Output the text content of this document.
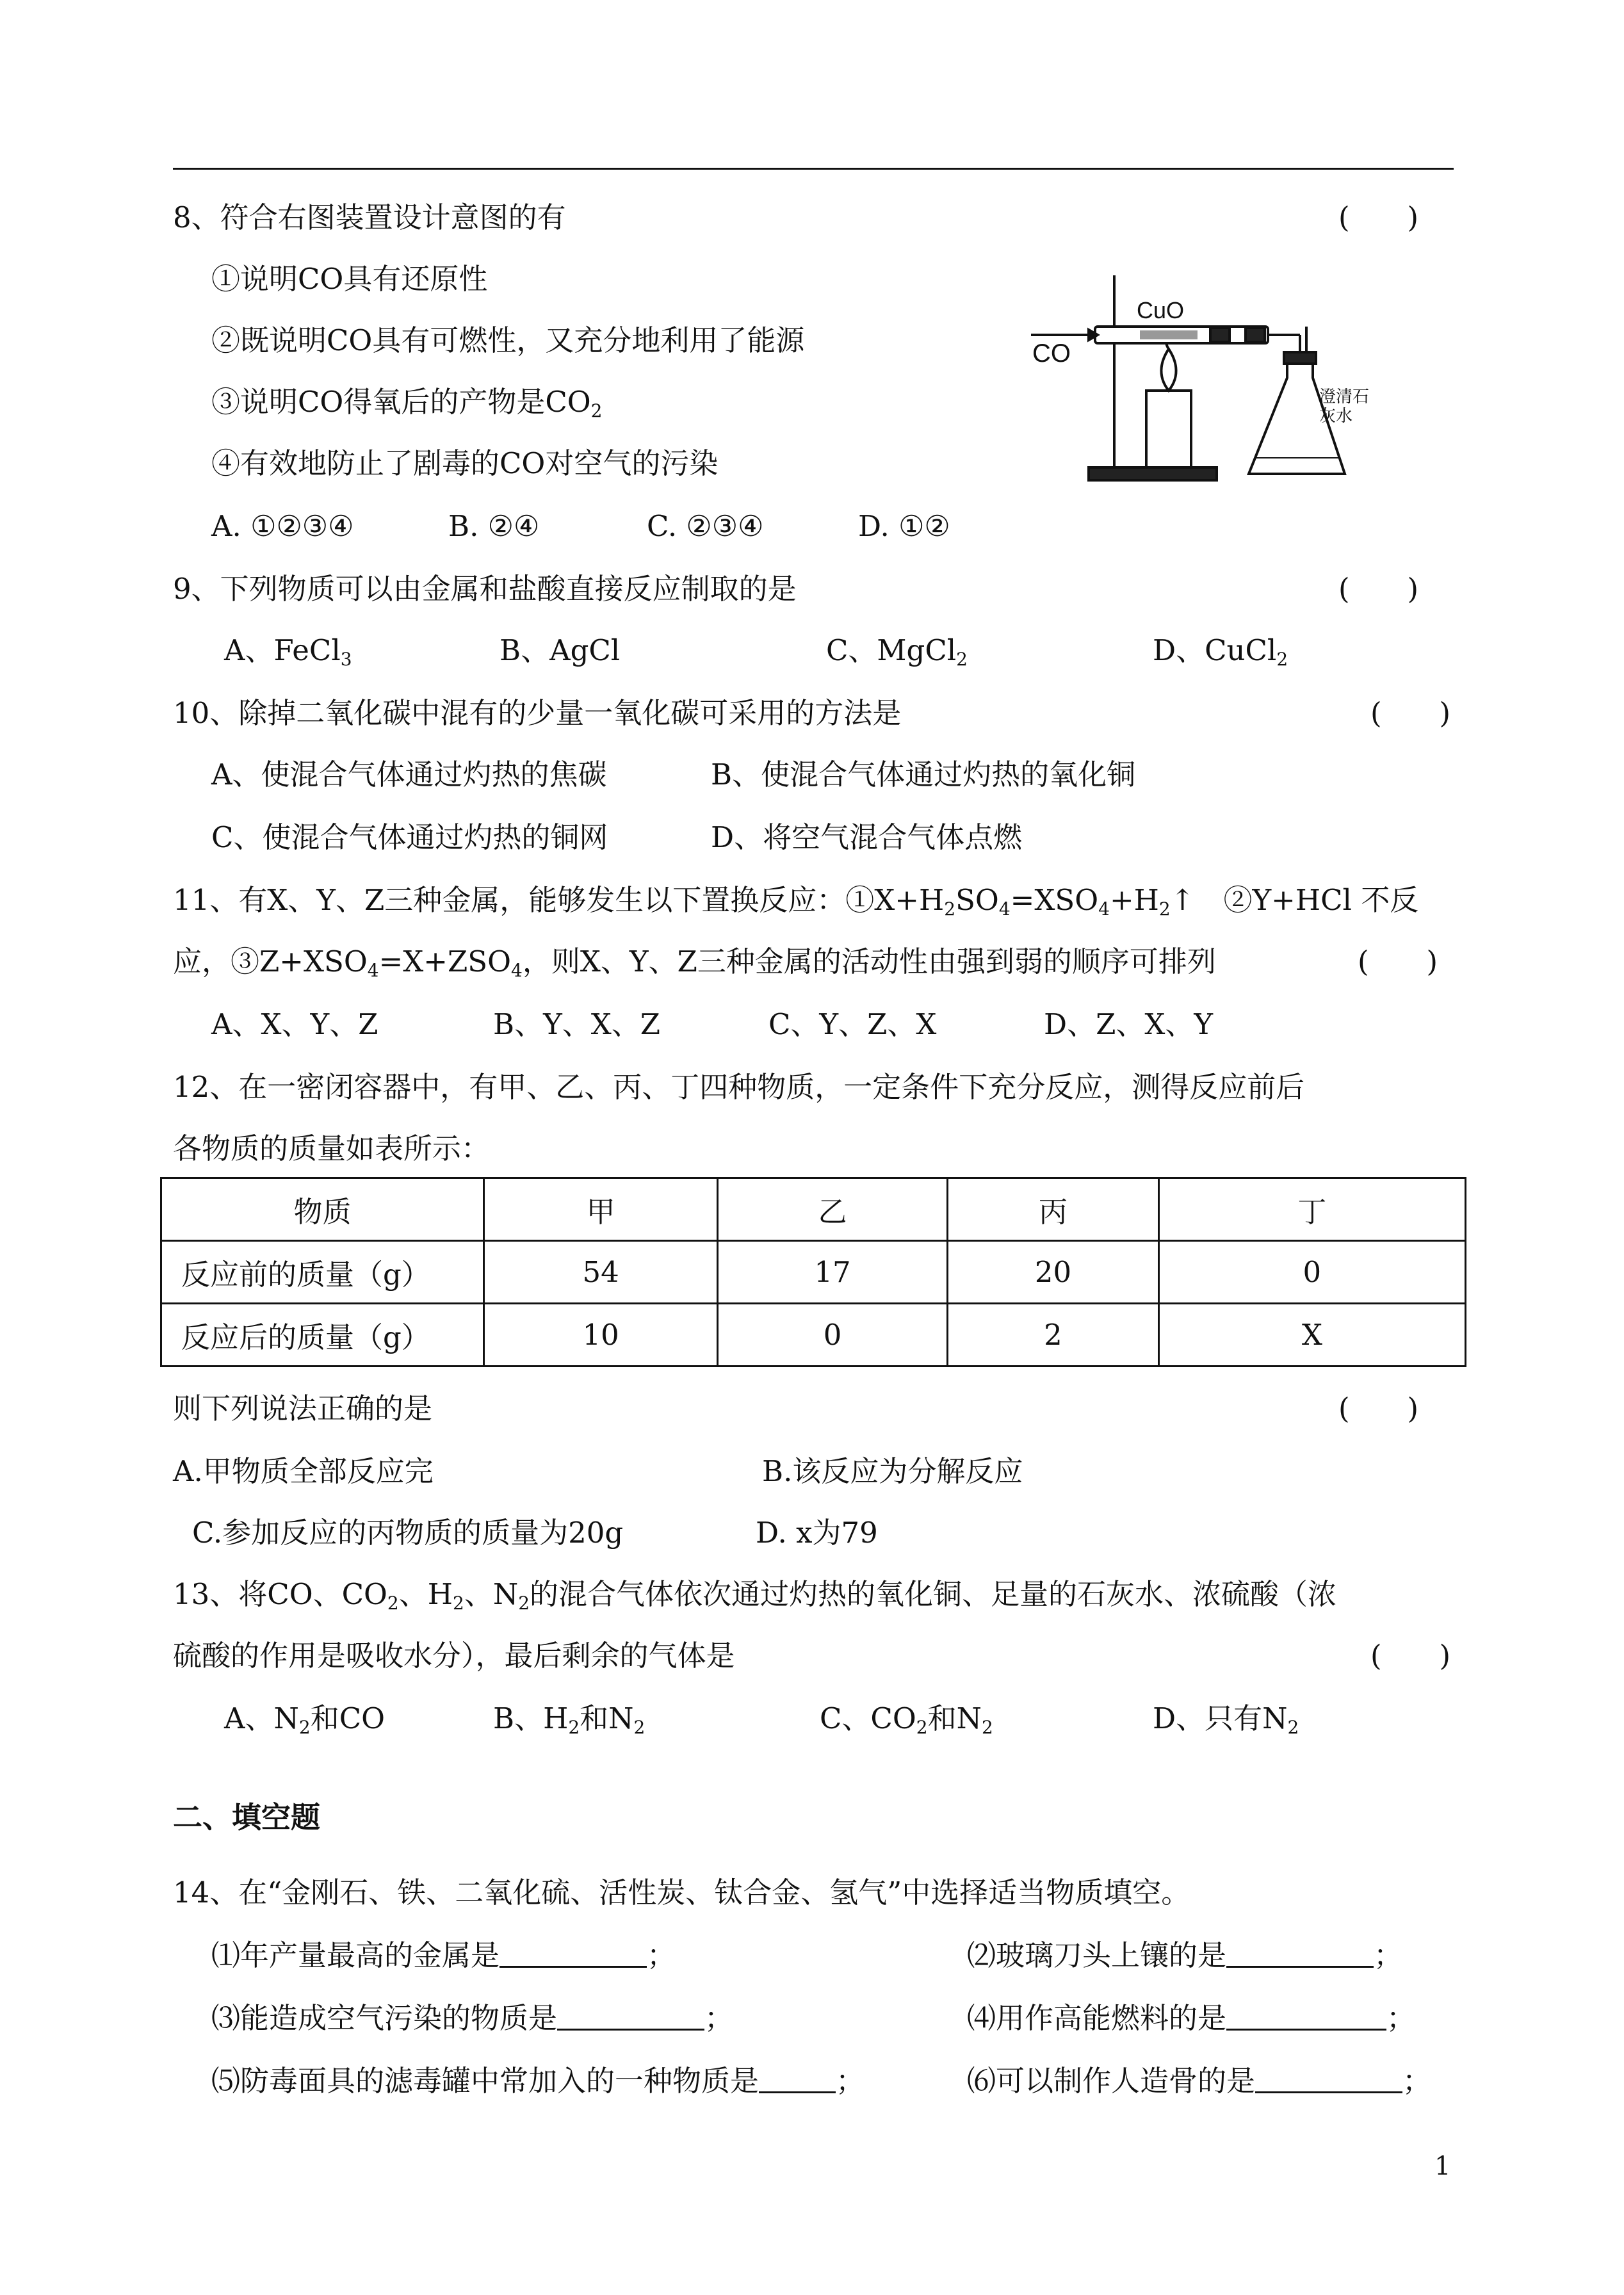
8、符合右图装置设计意图的有	(　　)
①说明CO具有还原性
②既说明CO具有可燃性，又充分地利用了能源
③说明CO得氧后的产物是$CO_2$
④有效地防止了剧毒的CO对空气的污染
A. ①②③④	B. ②④	C. ②③④	D. ①②
CO
CuO
澄清石灰水
9、下列物质可以由金属和盐酸直接反应制取的是	(　　)
A、FeCl$_3$	B、AgCl	C、MgCl$_2$	D、CuCl$_2$
10、除掉二氧化碳中混有的少量一氧化碳可采用的方法是	(　　)
A、使混合气体通过灼热的焦碳	B、使混合气体通过灼热的氧化铜
C、使混合气体通过灼热的铜网	D、将空气混合气体点燃
11、有X、Y、Z三种金属，能够发生以下置换反应：$①X+H_2SO_4=XSO_4+H_2↑$　②Y+HCl 不反
应，$③Z+XSO_4=X+ZSO_4$，则X、Y、Z三种金属的活动性由强到弱的顺序可排列	(　　)
A、X、Y、Z	B、Y、X、Z	C、Y、Z、X	D、Z、X、Y
12、在一密闭容器中，有甲、乙、丙、丁四种物质，一定条件下充分反应，测得反应前后
各物质的质量如表所示：
物质	甲	乙	丙	丁
反应前的质量（g）	54	17	20	0
反应后的质量（g）	10	0	2	X
则下列说法正确的是	(　　)
A.甲物质全部反应完	B.该反应为分解反应
C.参加反应的丙物质的质量为20g	D. x为79
13、将CO、$CO_2$、$H_2$、$N_2$的混合气体依次通过灼热的氧化铜、足量的石灰水、浓硫酸（浓
硫酸的作用是吸收水分），最后剩余的气体是	(　　)
A、$N_2$和CO	B、$H_2$和$N_2$	C、$CO_2$和$N_2$	D、只有$N_2$
二、填空题
14、在“金刚石、铁、二氧化硫、活性炭、钛合金、氢气”中选择适当物质填空。
⑴年产量最高的金属是	；	⑵玻璃刀头上镶的是	；
⑶能造成空气污染的物质是	；	⑷用作高能燃料的是	；
⑸防毒面具的滤毒罐中常加入的一种物质是	；	⑹可以制作人造骨的是	；
1
